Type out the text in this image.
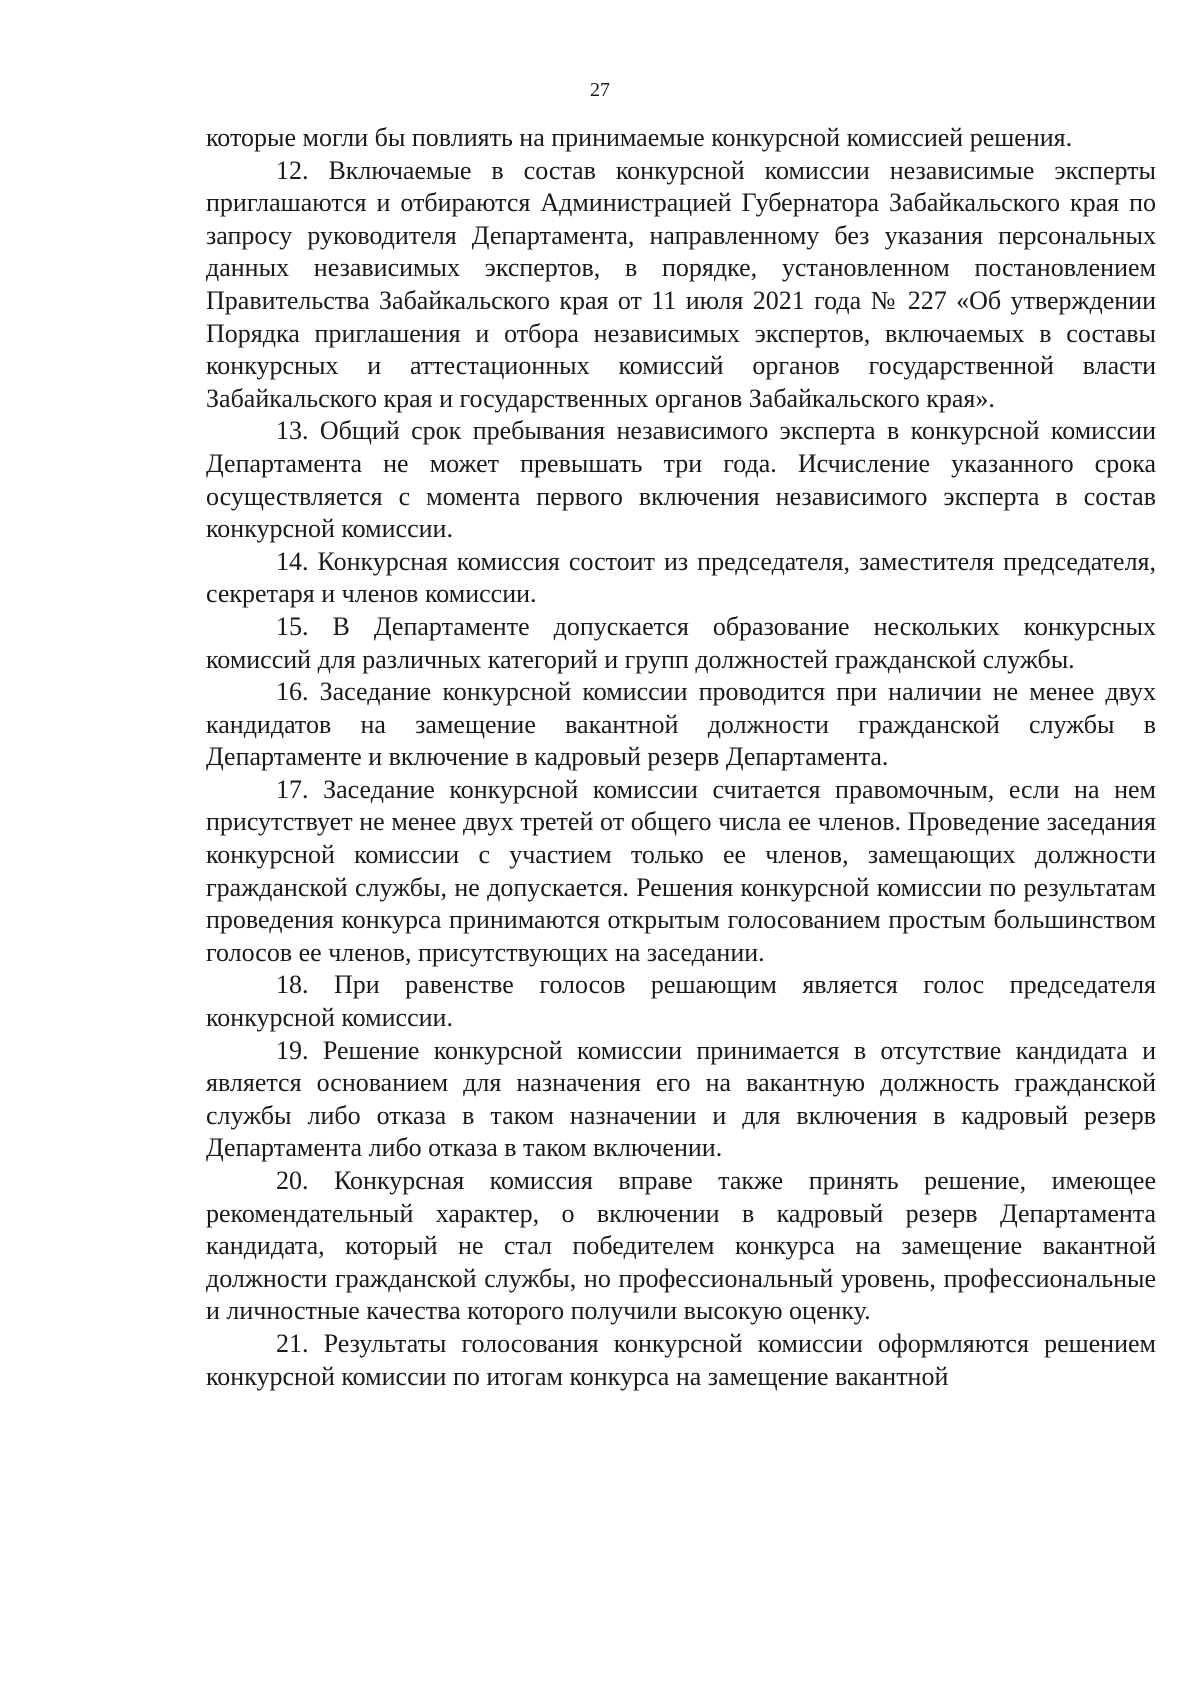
27

которые могли бы повлиять на принимаемые конкурсной комиссией решения.

12. Включаемые в состав конкурсной комиссии независимые эксперты приглашаются и отбираются Администрацией Губернатора Забайкальского края по запросу руководителя Департамента, направленному без указания персональных данных независимых экспертов, в порядке, установленном постановлением Правительства Забайкальского края от 11 июля 2021 года № 227 «Об утверждении Порядка приглашения и отбора независимых экспертов, включаемых в составы конкурсных и аттестационных комиссий органов государственной власти Забайкальского края и государственных органов Забайкальского края».

13. Общий срок пребывания независимого эксперта в конкурсной комиссии Департамента не может превышать три года. Исчисление указанного срока осуществляется с момента первого включения независимого эксперта в состав конкурсной комиссии.

14. Конкурсная комиссия состоит из председателя, заместителя председателя, секретаря и членов комиссии.

15. В Департаменте допускается образование нескольких конкурсных комиссий для различных категорий и групп должностей гражданской службы.

16. Заседание конкурсной комиссии проводится при наличии не менее двух кандидатов на замещение вакантной должности гражданской службы в Департаменте и включение в кадровый резерв Департамента.

17. Заседание конкурсной комиссии считается правомочным, если на нем присутствует не менее двух третей от общего числа ее членов. Проведение заседания конкурсной комиссии с участием только ее членов, замещающих должности гражданской службы, не допускается. Решения конкурсной комиссии по результатам проведения конкурса принимаются открытым голосованием простым большинством голосов ее членов, присутствующих на заседании.

18. При равенстве голосов решающим является голос председателя конкурсной комиссии.

19. Решение конкурсной комиссии принимается в отсутствие кандидата и является основанием для назначения его на вакантную должность гражданской службы либо отказа в таком назначении и для включения в кадровый резерв Департамента либо отказа в таком включении.

20. Конкурсная комиссия вправе также принять решение, имеющее рекомендательный характер, о включении в кадровый резерв Департамента кандидата, который не стал победителем конкурса на замещение вакантной должности гражданской службы, но профессиональный уровень, профессиональные и личностные качества которого получили высокую оценку.

21. Результаты голосования конкурсной комиссии оформляются решением конкурсной комиссии по итогам конкурса на замещение вакантной
